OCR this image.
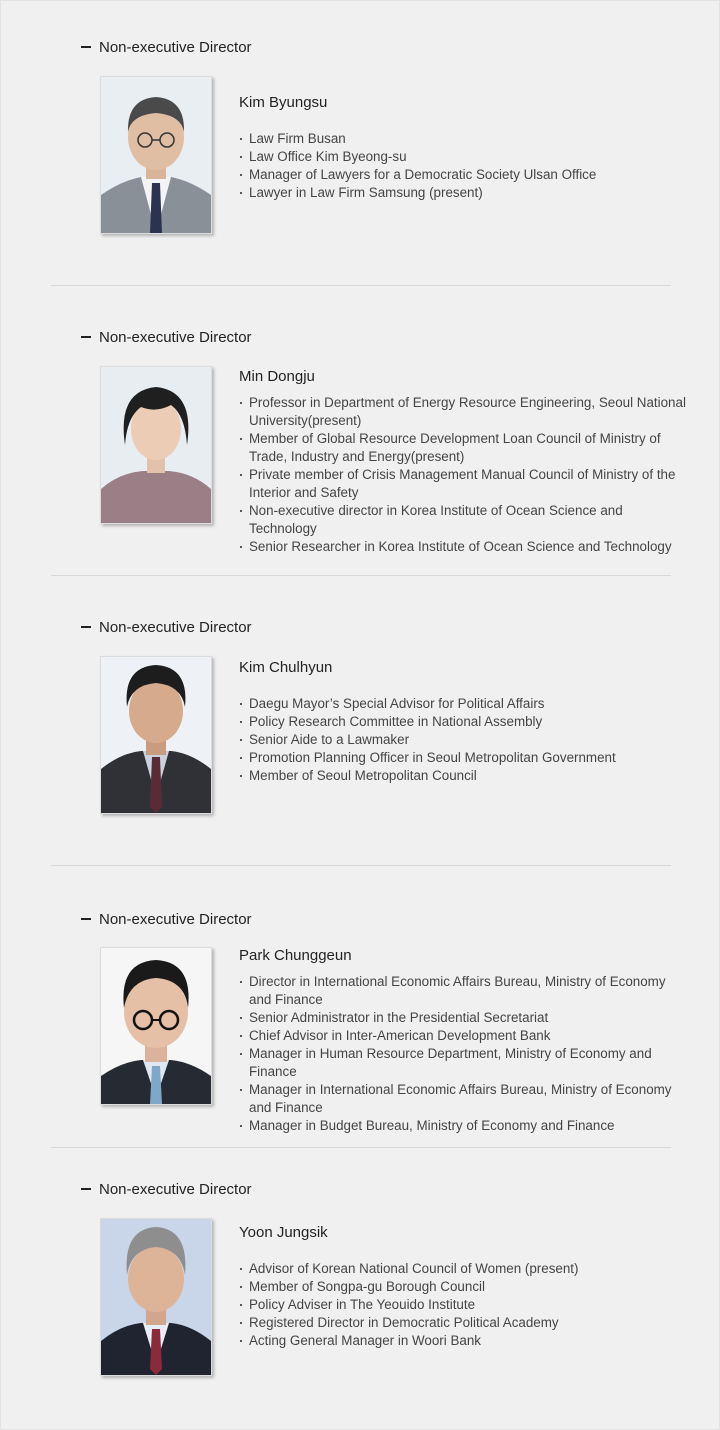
Non-executive Director
Kim Byungsu
Law Firm Busan
Law Office Kim Byeong-su
Manager of Lawyers for a Democratic Society Ulsan Office
Lawyer in Law Firm Samsung (present)
Non-executive Director
Min Dongju
Professor in Department of Energy Resource Engineering, Seoul National University(present)
Member of Global Resource Development Loan Council of Ministry of Trade, Industry and Energy(present)
Private member of Crisis Management Manual Council of Ministry of the Interior and Safety
Non-executive director in Korea Institute of Ocean Science and Technology
Senior Researcher in Korea Institute of Ocean Science and Technology
Non-executive Director
Kim Chulhyun
Daegu Mayor’s Special Advisor for Political Affairs
Policy Research Committee in National Assembly
Senior Aide to a Lawmaker
Promotion Planning Officer in Seoul Metropolitan Government
Member of Seoul Metropolitan Council
Non-executive Director
Park Chunggeun
Director in International Economic Affairs Bureau, Ministry of Economy and Finance
Senior Administrator in the Presidential Secretariat
Chief Advisor in Inter-American Development Bank
Manager in Human Resource Department, Ministry of Economy and Finance
Manager in International Economic Affairs Bureau, Ministry of Economy and Finance
Manager in Budget Bureau, Ministry of Economy and Finance
Non-executive Director
Yoon Jungsik
Advisor of Korean National Council of Women (present)
Member of Songpa-gu Borough Council
Policy Adviser in The Yeouido Institute
Registered Director in Democratic Political Academy
Acting General Manager in Woori Bank
